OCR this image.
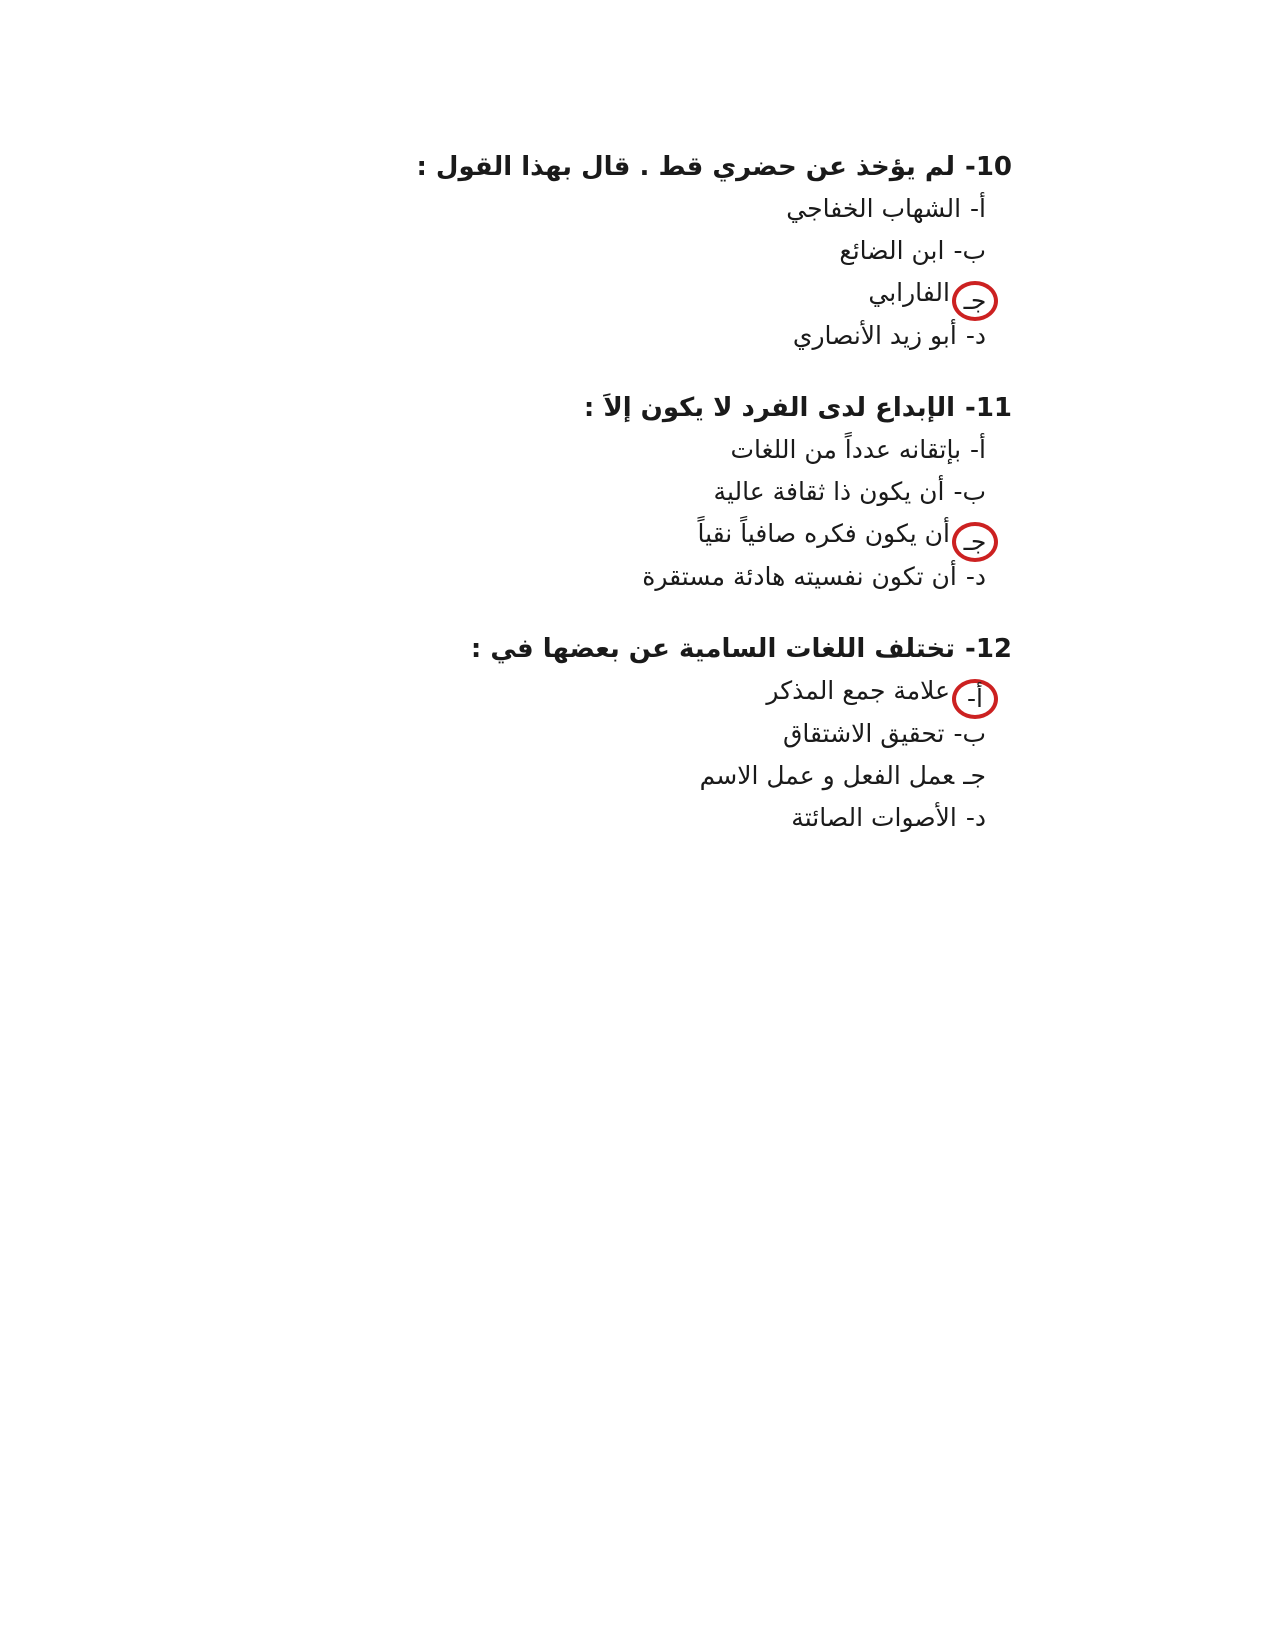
10-لم يؤخذ عن حضري قط . قال بهذا القول :
أ-الشهاب الخفاجي
ب-ابن الضائع
جـالفارابي
د-أبو زيد الأنصاري
11-الإبداع لدى الفرد لا يكون إلاَ :
أ-بإتقانه عدداً من اللغات
ب-أن يكون ذا ثقافة عالية
جـأن يكون فكره صافياً نقياً
د-أن تكون نفسيته هادئة مستقرة
12-تختلف اللغات السامية عن بعضها في :
أ-علامة جمع المذكر
ب-تحقيق الاشتقاق
جـعمل الفعل و عمل الاسم
د-الأصوات الصائتة
